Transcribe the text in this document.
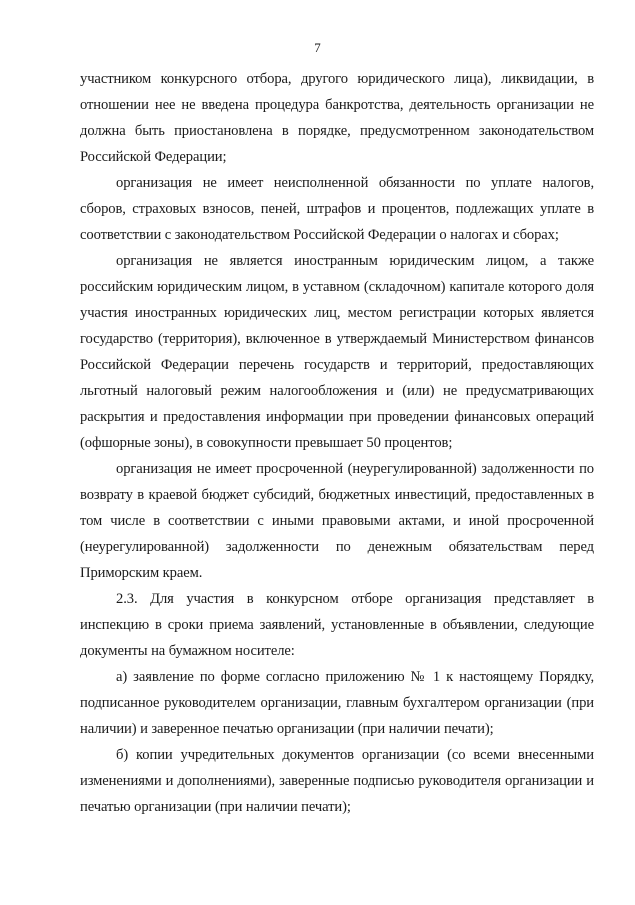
7

участником конкурсного отбора, другого юридического лица), ликвидации, в отношении нее не введена процедура банкротства, деятельность организации не должна быть приостановлена в порядке, предусмотренном законодательством Российской Федерации;

организация не имеет неисполненной обязанности по уплате налогов, сборов, страховых взносов, пеней, штрафов и процентов, подлежащих уплате в соответствии с законодательством Российской Федерации о налогах и сборах;

организация не является иностранным юридическим лицом, а также российским юридическим лицом, в уставном (складочном) капитале которого доля участия иностранных юридических лиц, местом регистрации которых является государство (территория), включенное в утверждаемый Министерством финансов Российской Федерации перечень государств и территорий, предоставляющих льготный налоговый режим налогообложения и (или) не предусматривающих раскрытия и предоставления информации при проведении финансовых операций (офшорные зоны), в совокупности превышает 50 процентов;

организация не имеет просроченной (неурегулированной) задолженности по возврату в краевой бюджет субсидий, бюджетных инвестиций, предоставленных в том числе в соответствии с иными правовыми актами, и иной просроченной (неурегулированной) задолженности по денежным обязательствам перед Приморским краем.

2.3. Для участия в конкурсном отборе организация представляет в инспекцию в сроки приема заявлений, установленные в объявлении, следующие документы на бумажном носителе:

а) заявление по форме согласно приложению № 1 к настоящему Порядку, подписанное руководителем организации, главным бухгалтером организации (при наличии) и заверенное печатью организации (при наличии печати);

б) копии учредительных документов организации (со всеми внесенными изменениями и дополнениями), заверенные подписью руководителя организации и печатью организации (при наличии печати);
